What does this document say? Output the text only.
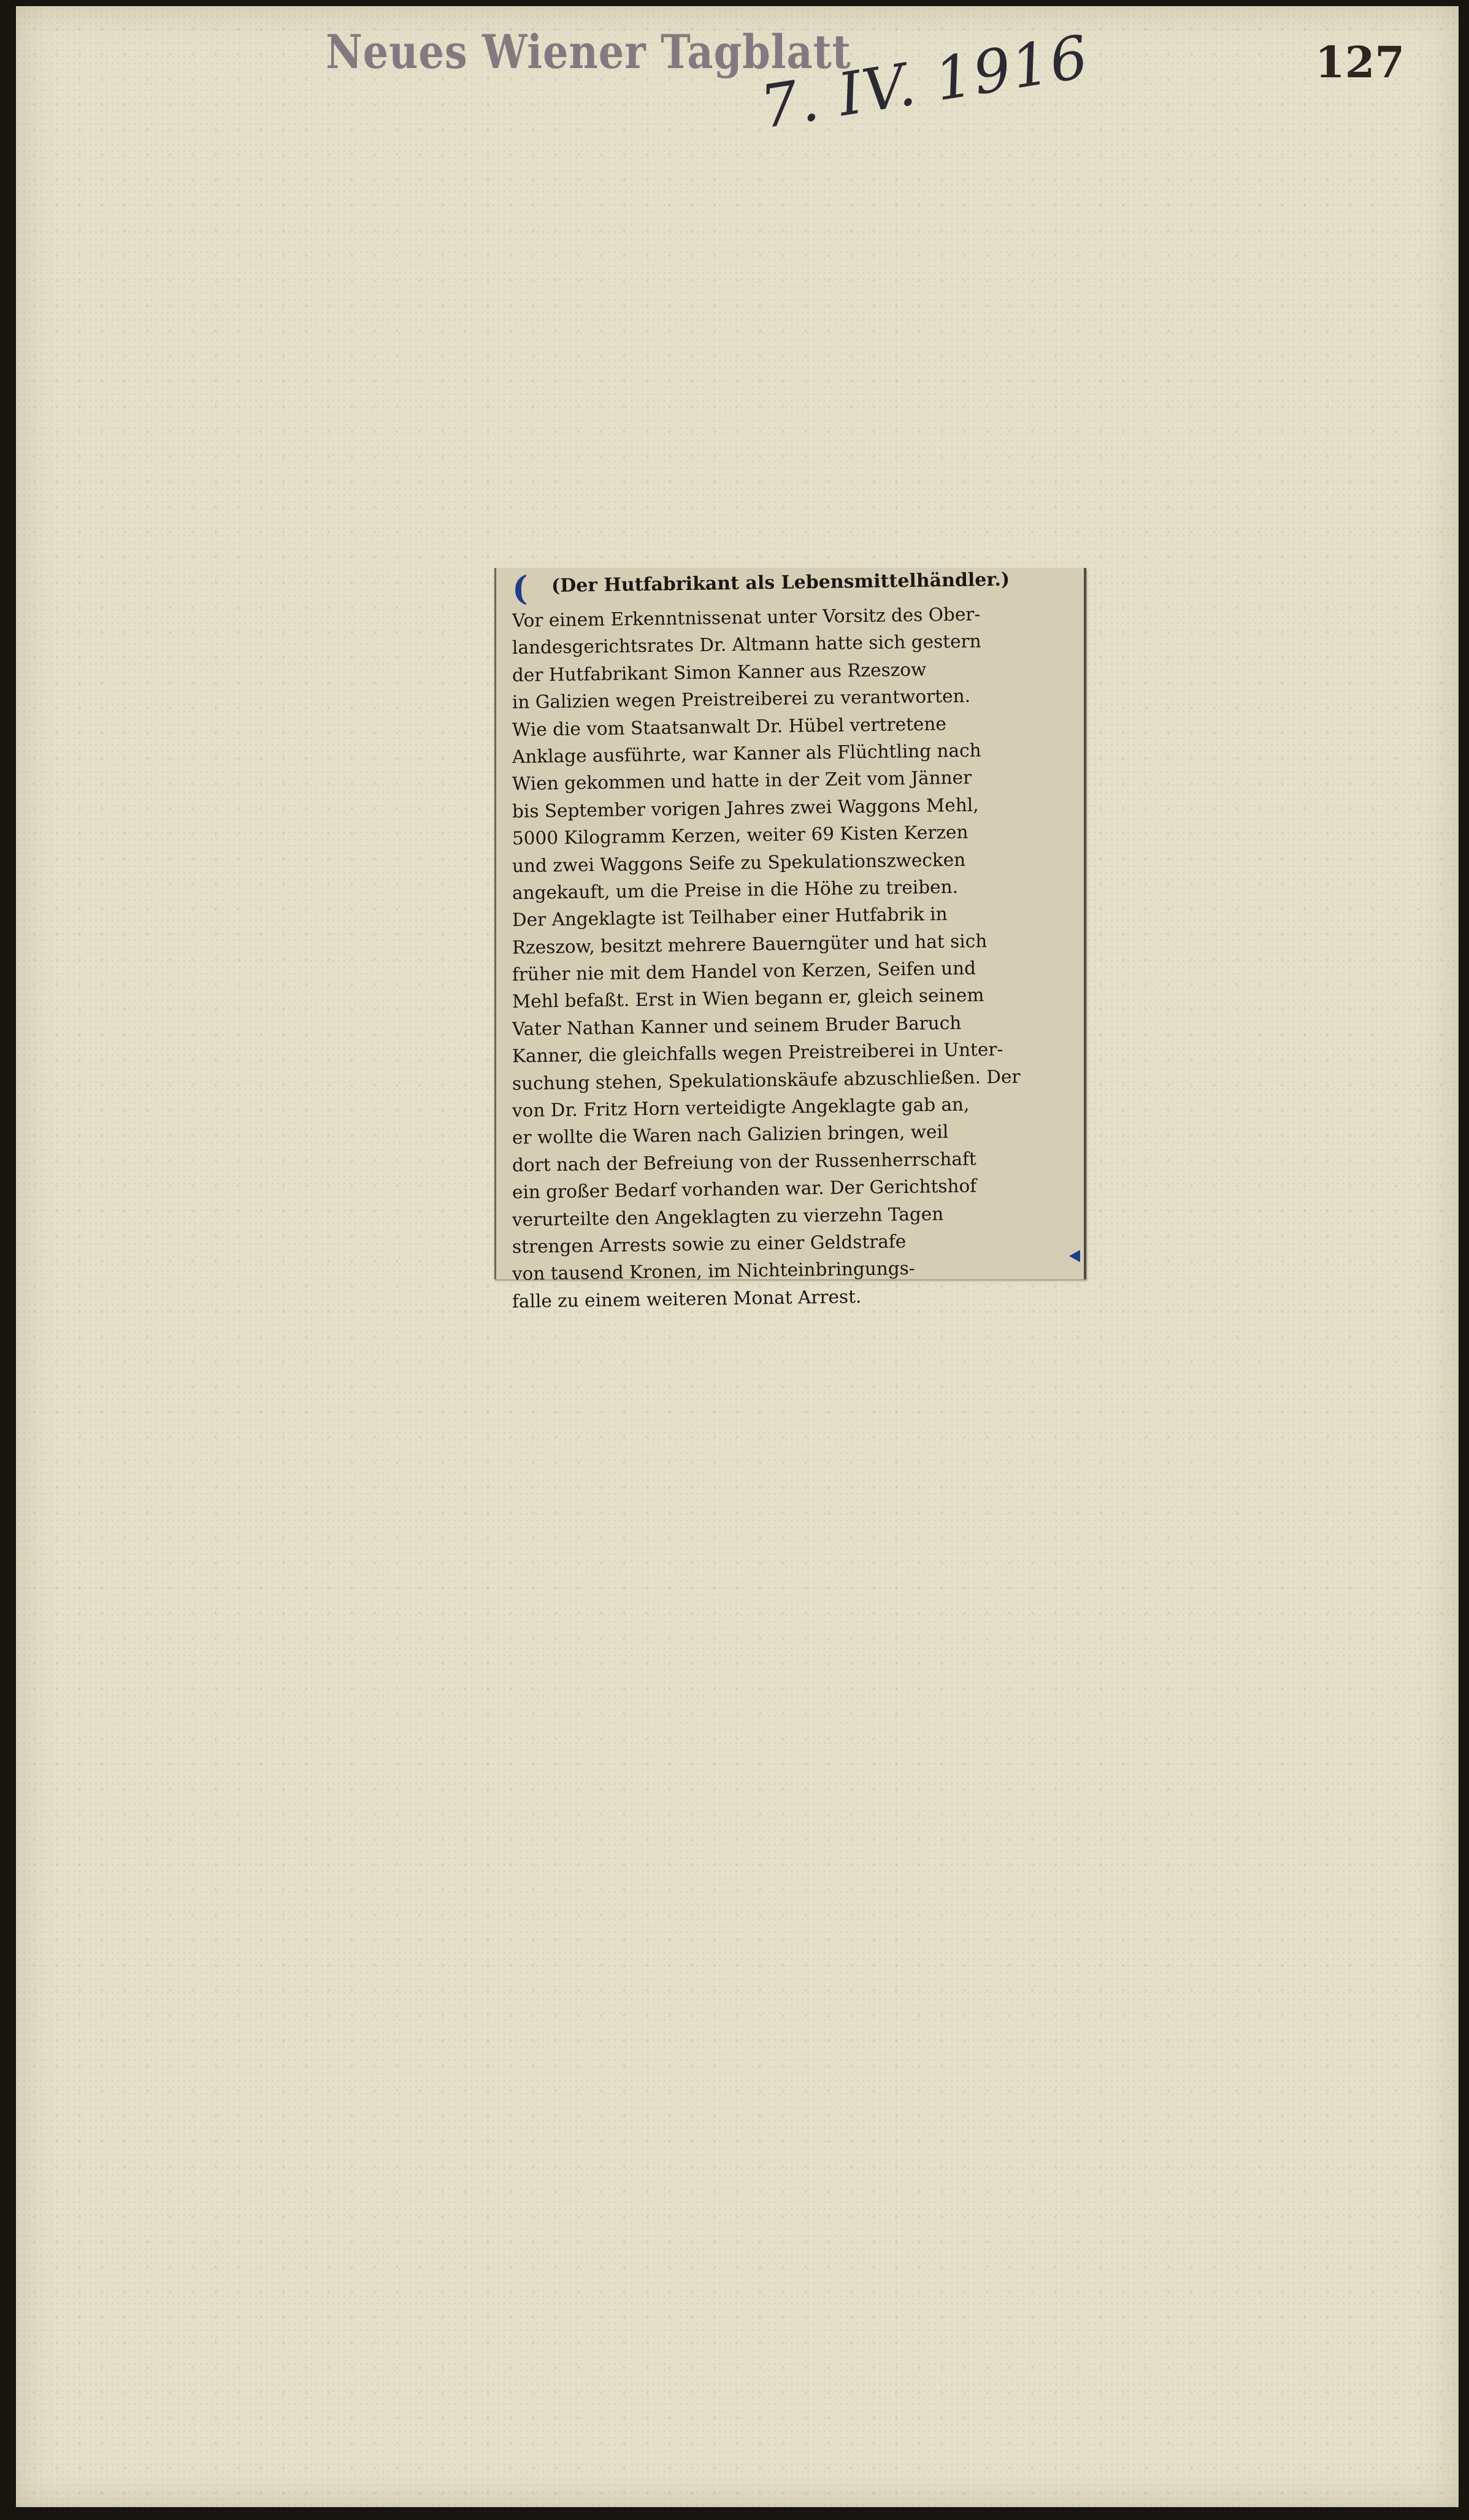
Neues Wiener Tagblatt	127
7. IV. 1916
( (Der Hutfabrikant als Lebensmittelhändler.)
Vor einem Erkenntnissenat unter Vorsitz des Ober-
landesgerichtsrates Dr. Altmann hatte sich gestern
der Hutfabrikant Simon Kanner aus Rzeszow
in Galizien wegen Preistreiberei zu verantworten.
Wie die vom Staatsanwalt Dr. Hübel vertretene
Anklage ausführte, war Kanner als Flüchtling nach
Wien gekommen und hatte in der Zeit vom Jänner
bis September vorigen Jahres zwei Waggons Mehl,
5000 Kilogramm Kerzen, weiter 69 Kisten Kerzen
und zwei Waggons Seife zu Spekulationszwecken
angekauft, um die Preise in die Höhe zu treiben.
Der Angeklagte ist Teilhaber einer Hutfabrik in
Rzeszow, besitzt mehrere Bauerngüter und hat sich
früher nie mit dem Handel von Kerzen, Seifen und
Mehl befaßt. Erst in Wien begann er, gleich seinem
Vater Nathan Kanner und seinem Bruder Baruch
Kanner, die gleichfalls wegen Preistreiberei in Unter-
suchung stehen, Spekulationskäufe abzuschließen. Der
von Dr. Fritz Horn verteidigte Angeklagte gab an,
er wollte die Waren nach Galizien bringen, weil
dort nach der Befreiung von der Russenherrschaft
ein großer Bedarf vorhanden war. Der Gerichtshof
verurteilte den Angeklagten zu vierzehn Tagen
strengen Arrests sowie zu einer Geldstrafe
von tausend Kronen, im Nichteinbringungs-
falle zu einem weiteren Monat Arrest.
